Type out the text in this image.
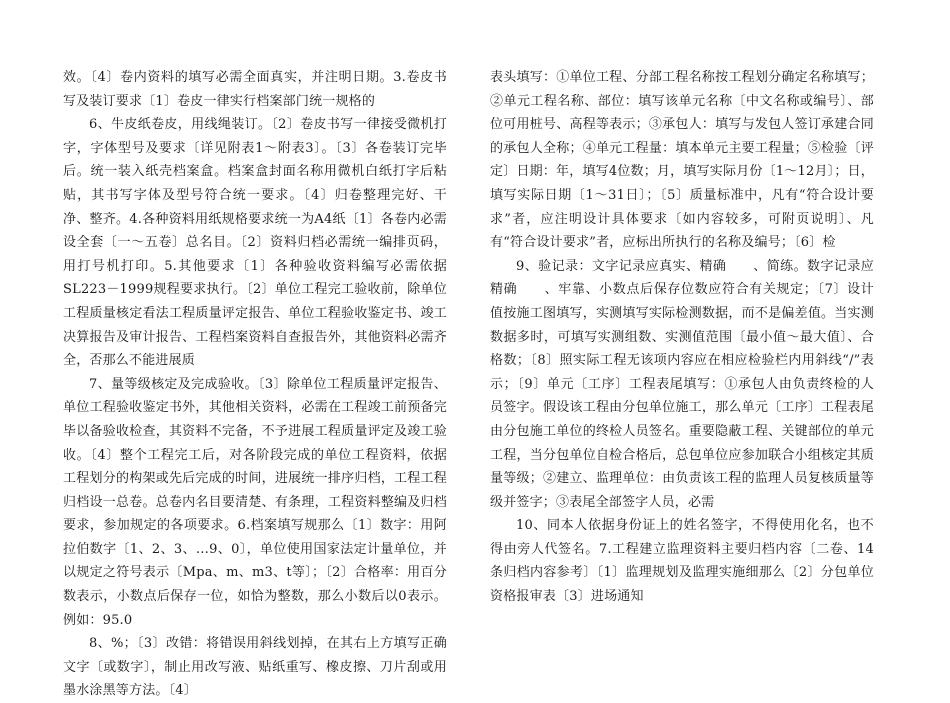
效。〔4〕卷内资料的填写必需全面真实，并注明日期。3.卷皮书写及装订要求〔1〕卷皮一律实行档案部门统一规格的

6、牛皮纸卷皮，用线绳装订。〔2〕卷皮书写一律接受微机打字，字体型号及要求〔详见附表1～附表3〕。〔3〕各卷装订完毕后。统一装入纸壳档案盒。档案盒封面名称用微机白纸打字后粘贴，其书写字体及型号符合统一要求。〔4〕归卷整理完好、干净、整齐。4.各种资料用纸规格要求统一为A4纸〔1〕各卷内必需设全套〔一～五卷〕总名目。〔2〕资料归档必需统一编排页码，用打号机打印。5.其他要求〔1〕各种验收资料编写必需依据SL223－1999规程要求执行。〔2〕单位工程完工验收前，除单位工程质量核定看法工程质量评定报告、单位工程验收鉴定书、竣工决算报告及审计报告、工程档案资料自查报告外，其他资料必需齐全，否那么不能进展质

7、量等级核定及完成验收。〔3〕除单位工程质量评定报告、单位工程验收鉴定书外，其他相关资料，必需在工程竣工前预备完毕以备验收检查，其资料不完备，不予进展工程质量评定及竣工验收。〔4〕整个工程完工后，对各阶段完成的单位工程资料，依据工程划分的构架或先后完成的时间，进展统一排序归档，工程工程归档设一总卷。总卷内名目要清楚、有条理，工程资料整编及归档要求，参加规定的各项要求。6.档案填写规那么〔1〕数字：用阿拉伯数字〔1、2、3、…9、0〕，单位使用国家法定计量单位，并以规定之符号表示〔Mpa、m、m3、t等〕；〔2〕合格率：用百分数表示，小数点后保存一位，如恰为整数，那么小数后以0表示。例如：95.0

8、%；〔3〕改错：将错误用斜线划掉，在其右上方填写正确文字〔或数字〕，制止用改写液、贴纸重写、橡皮擦、刀片刮或用墨水涂黑等方法。〔4〕

表头填写：①单位工程、分部工程名称按工程划分确定名称填写；②单元工程名称、部位：填写该单元名称〔中文名称或编号〕、部位可用桩号、高程等表示；③承包人：填写与发包人签订承建合同的承包人全称；④单元工程量：填本单元主要工程量；⑤检验〔评定〕日期：年，填写4位数；月，填写实际月份〔1～12月〕；日，填写实际日期〔1～31日〕；〔5〕质量标准中，凡有“符合设计要求”者，应注明设计具体要求〔如内容较多，可附页说明〕、凡有“符合设计要求”者，应标出所执行的名称及编号；〔6〕检

9、验记录：文字记录应真实、精确　　、简练。数字记录应精确　　、牢靠、小数点后保存位数应符合有关规定；〔7〕设计值按施工图填写，实测填写实际检测数据，而不是偏差值。当实测数据多时，可填写实测组数、实测值范围〔最小值～最大值〕、合格数；〔8〕照实际工程无该项内容应在相应检验栏内用斜线“/”表示；〔9〕单元〔工序〕工程表尾填写：①承包人由负责终检的人员签字。假设该工程由分包单位施工，那么单元〔工序〕工程表尾由分包施工单位的终检人员签名。重要隐蔽工程、关键部位的单元工程，当分包单位自检合格后，总包单位应参加联合小组核定其质量等级；②建立、监理单位：由负责该工程的监理人员复核质量等级并签字；③表尾全部签字人员，必需

10、同本人依据身份证上的姓名签字，不得使用化名，也不得由旁人代签名。7.工程建立监理资料主要归档内容〔二卷、14条归档内容参考〕〔1〕监理规划及监理实施细那么〔2〕分包单位资格报审表〔3〕进场通知
